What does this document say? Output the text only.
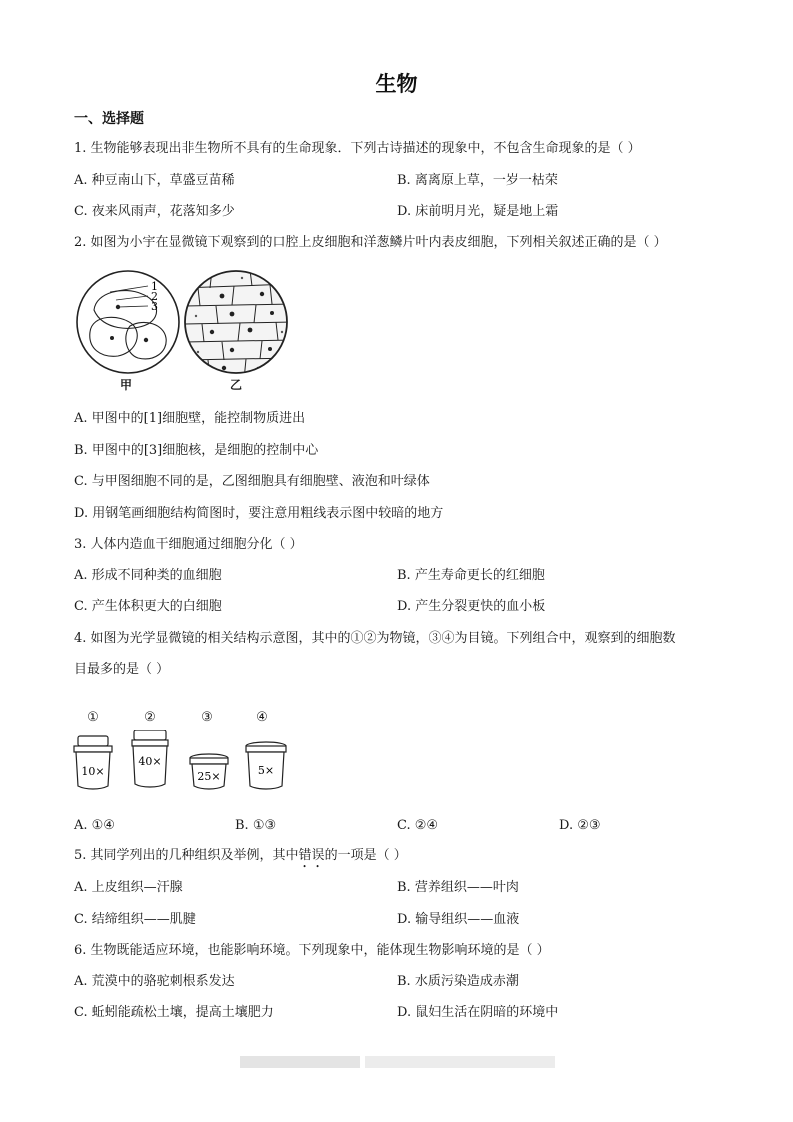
生物
一、选择题
1. 生物能够表现出非生物所不具有的生命现象．下列古诗描述的现象中，不包含生命现象的是（ ）
A. 种豆南山下，草盛豆苗稀	B. 离离原上草，一岁一枯荣
C. 夜来风雨声，花落知多少	D. 床前明月光，疑是地上霜
2. 如图为小宇在显微镜下观察到的口腔上皮细胞和洋葱鳞片叶内表皮细胞，下列相关叙述正确的是（ ）
1
2
3
甲	乙
A. 甲图中的[1]细胞壁，能控制物质进出
B. 甲图中的[3]细胞核，是细胞的控制中心
C. 与甲图细胞不同的是，乙图细胞具有细胞壁、液泡和叶绿体
D. 用钢笔画细胞结构简图时，要注意用粗线表示图中较暗的地方
3. 人体内造血干细胞通过细胞分化（ ）
A. 形成不同种类的血细胞	B. 产生寿命更长的红细胞
C. 产生体积更大的白细胞	D. 产生分裂更快的血小板
4. 如图为光学显微镜的相关结构示意图，其中的①②为物镜，③④为目镜。下列组合中，观察到的细胞数
目最多的是（ ）
①	②	③	④
10×
40×
25×	5×
A. ①④	B. ①③	C. ②④	D. ②③
5. 其同学列出的几种组织及举例，其中错误的一项是（ ）
A. 上皮组织—汗腺	B. 营养组织——叶肉
C. 结缔组织——肌腱	D. 输导组织——血液
6. 生物既能适应环境，也能影响环境。下列现象中，能体现生物影响环境的是（ ）
A. 荒漠中的骆驼刺根系发达	B. 水质污染造成赤潮
C. 蚯蚓能疏松土壤，提高土壤肥力	D. 鼠妇生活在阴暗的环境中
